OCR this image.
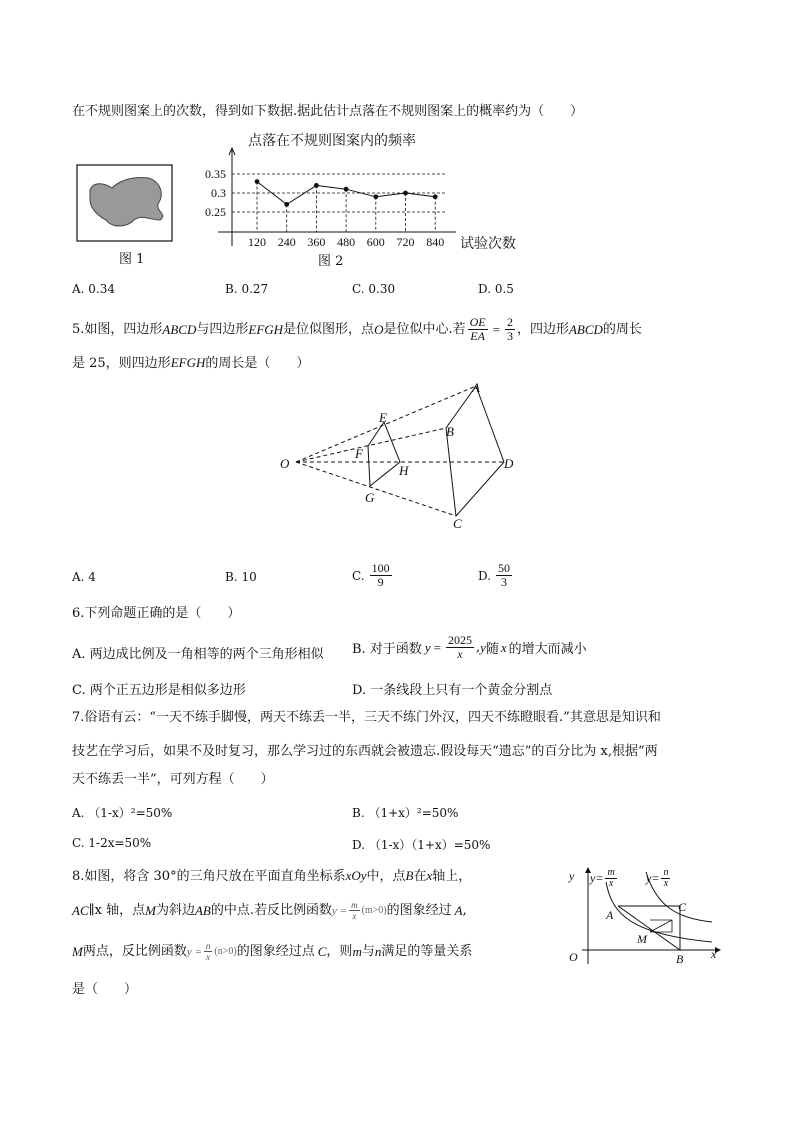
在不规则图案上的次数，得到如下数据.据此估计点落在不规则图案上的概率约为（　　）
图 1
点落在不规则图案内的频率
0.35
0.3
0.25
120 240 360 480 600 720 840 试验次数
图 2
A. 0.34	B. 0.27	C. 0.30	D. 0.5
5.如图，四边形 ABCD 与四边形 EFGH 是位似图形，点 O 是位似中心.若 $\frac{OE}{EA} = \frac{2}{3}$ ，四边形 ABCD 的周长
是 25，则四边形EFGH的周长是（　　）
A
B
C
D
E
F
G
H
O
A. 4	B. 10	C. $\frac{100}{9}$	D. $\frac{50}{3}$
6.下列命题正确的是（　　）
A. 两边成比例及一角相等的两个三角形相似 B. 对于函数 $y = \frac{2025}{x}$ , y 随 x 的增大而减小
C. 两个正五边形是相似多边形	D. 一条线段上只有一个黄金分割点
7.俗语有云：“一天不练手脚慢，两天不练丢一半，三天不练门外汉，四天不练瞪眼看.”其意思是知识和
技艺在学习后，如果不及时复习，那么学习过的东西就会被遗忘.假设每天“遗忘”的百分比为 x,根据“两
天不练丢一半”，可列方程（　　）
A. （1-x）²=50%	B. （1+x）²=50%
C. 1-2x=50%	D. （1-x）（1+x）=50%
8.如图，将含 30°的三角尺放在平面直角坐标系xOy中，点B在x轴上，
AC ∥x 轴，点 M 为斜边 AB 的中点.若反比例函数 $y = \frac{m}{x} (m>0)$ 的图象经过 A ,
M 两点，反比例函数 $y = \frac{n}{x} (n>0)$ 的图象经过点 C ，则 m 与 n 满足的等量关系
是（　　）
y
x
O
$y= \frac{m}{x} y= \frac{n}{x}$
A
C
M
B
